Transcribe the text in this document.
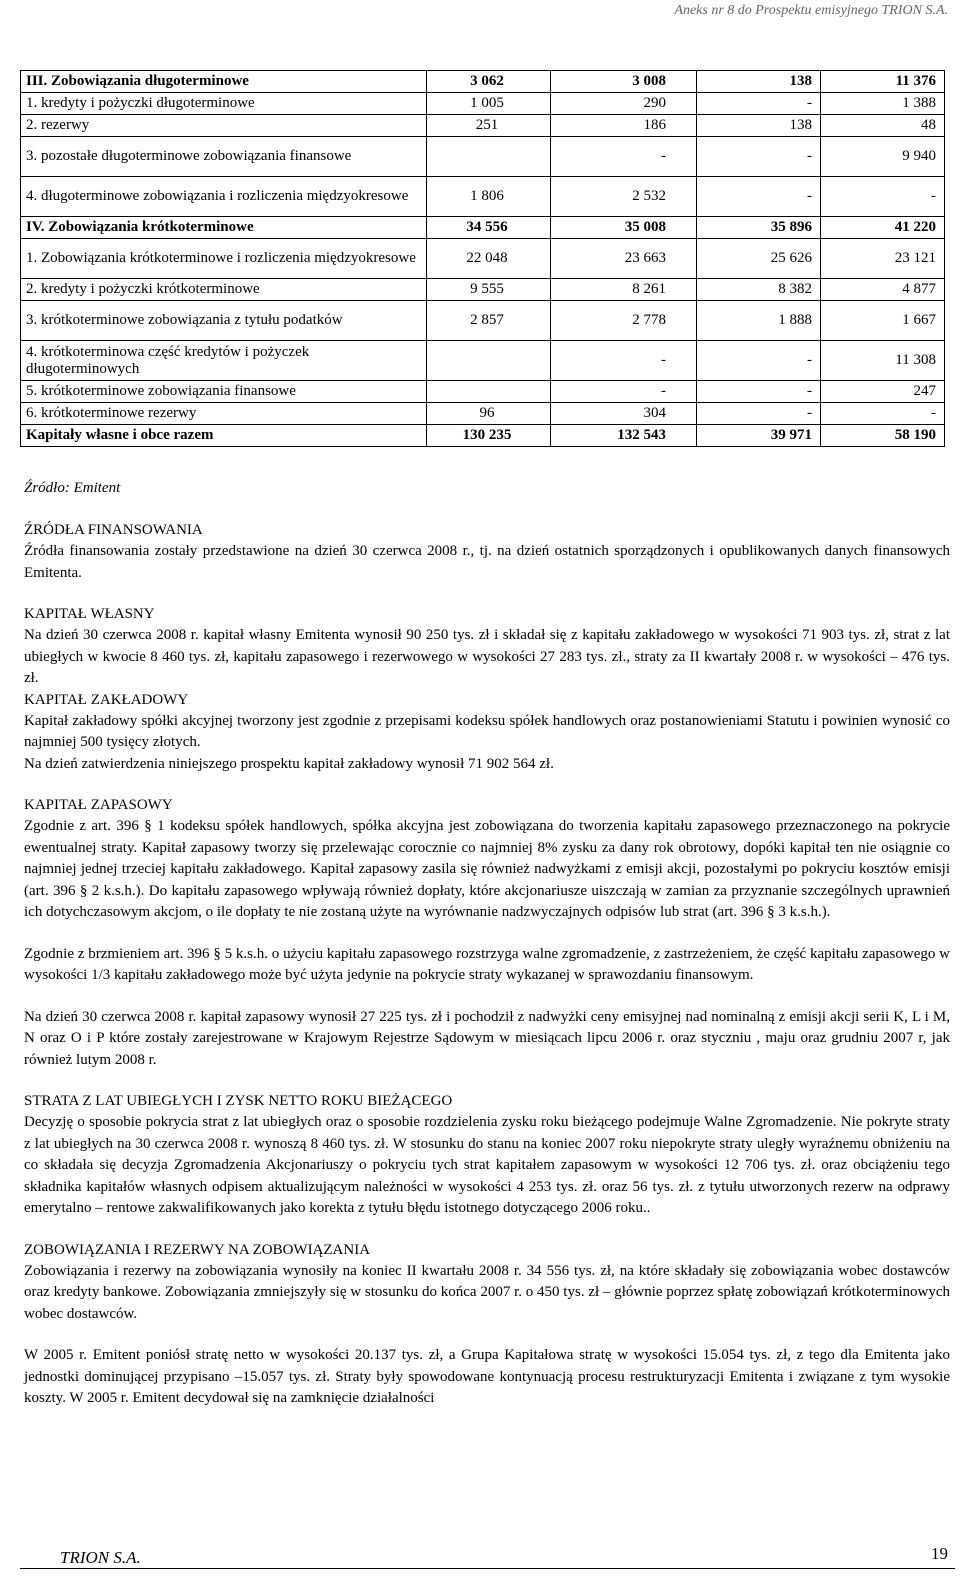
Aneks nr 8 do Prospektu emisyjnego TRION S.A.
III. Zobowiązania długoterminowe	3 062	3 008	138	11 376
1. kredyty i pożyczki długoterminowe	1 005	290	-	1 388
2. rezerwy	251	186	138	48
3. pozostałe długoterminowe zobowiązania finansowe		-	-	9 940
4. długoterminowe zobowiązania i rozliczenia międzyokresowe	1 806	2 532	-	-
IV. Zobowiązania krótkoterminowe	34 556	35 008	35 896	41 220
1. Zobowiązania krótkoterminowe i rozliczenia międzyokresowe	22 048	23 663	25 626	23 121
2. kredyty i pożyczki krótkoterminowe	9 555	8 261	8 382	4 877
3. krótkoterminowe zobowiązania z tytułu podatków	2 857	2 778	1 888	1 667
4. krótkoterminowa część kredytów i pożyczek długoterminowych		-	-	11 308
5. krótkoterminowe zobowiązania finansowe		-	-	247
6. krótkoterminowe rezerwy	96	304	-	-
Kapitały własne i obce razem	130 235	132 543	39 971	58 190
Źródło: Emitent
ŹRÓDŁA FINANSOWANIA

Źródła finansowania zostały przedstawione na dzień 30 czerwca 2008 r., tj. na dzień ostatnich sporządzonych i opublikowanych danych finansowych Emitenta.

KAPITAŁ WŁASNY

Na dzień 30 czerwca 2008 r. kapitał własny Emitenta wynosił 90 250 tys. zł i składał się z kapitału zakładowego w wysokości 71 903 tys. zł, strat z lat ubiegłych w kwocie 8 460 tys. zł, kapitału zapasowego i rezerwowego w wysokości 27 283 tys. zł., straty za II kwartały 2008 r. w wysokości – 476 tys. zł.

KAPITAŁ ZAKŁADOWY

Kapitał zakładowy spółki akcyjnej tworzony jest zgodnie z przepisami kodeksu spółek handlowych oraz postanowieniami Statutu i powinien wynosić co najmniej 500 tysięcy złotych.

Na dzień zatwierdzenia niniejszego prospektu kapitał zakładowy wynosił 71 902 564 zł.

KAPITAŁ ZAPASOWY

Zgodnie z art. 396 § 1 kodeksu spółek handlowych, spółka akcyjna jest zobowiązana do tworzenia kapitału zapasowego przeznaczonego na pokrycie ewentualnej straty. Kapitał zapasowy tworzy się przelewając corocznie co najmniej 8% zysku za dany rok obrotowy, dopóki kapitał ten nie osiągnie co najmniej jednej trzeciej kapitału zakładowego. Kapitał zapasowy zasila się również nadwyżkami z emisji akcji, pozostałymi po pokryciu kosztów emisji (art. 396 § 2 k.s.h.). Do kapitału zapasowego wpływają również dopłaty, które akcjonariusze uiszczają w zamian za przyznanie szczególnych uprawnień ich dotychczasowym akcjom, o ile dopłaty te nie zostaną użyte na wyrównanie nadzwyczajnych odpisów lub strat (art. 396 § 3 k.s.h.).

Zgodnie z brzmieniem art. 396 § 5 k.s.h. o użyciu kapitału zapasowego rozstrzyga walne zgromadzenie, z zastrzeżeniem, że część kapitału zapasowego w wysokości 1/3 kapitału zakładowego może być użyta jedynie na pokrycie straty wykazanej w sprawozdaniu finansowym.

Na dzień 30 czerwca 2008 r. kapitał zapasowy wynosił 27 225 tys. zł i pochodził z nadwyżki ceny emisyjnej nad nominalną z emisji akcji serii K, L i M, N oraz O i P które zostały zarejestrowane w Krajowym Rejestrze Sądowym w miesiącach lipcu 2006 r. oraz styczniu , maju oraz grudniu 2007 r, jak również lutym 2008 r.

STRATA Z LAT UBIEGŁYCH I ZYSK NETTO ROKU BIEŻĄCEGO

Decyzję o sposobie pokrycia strat z lat ubiegłych oraz o sposobie rozdzielenia zysku roku bieżącego podejmuje Walne Zgromadzenie. Nie pokryte straty z lat ubiegłych na 30 czerwca 2008 r. wynoszą 8 460 tys. zł. W stosunku do stanu na koniec 2007 roku niepokryte straty uległy wyraźnemu obniżeniu na co składała się decyzja Zgromadzenia Akcjonariuszy o pokryciu tych strat kapitałem zapasowym w wysokości 12 706 tys. zł. oraz obciążeniu tego składnika kapitałów własnych odpisem aktualizującym należności w wysokości 4 253 tys. zł. oraz 56 tys. zł. z tytułu utworzonych rezerw na odprawy emerytalno – rentowe zakwalifikowanych jako korekta z tytułu błędu istotnego dotyczącego 2006 roku..

ZOBOWIĄZANIA I REZERWY NA ZOBOWIĄZANIA

Zobowiązania i rezerwy na zobowiązania wynosiły na koniec II kwartału 2008 r. 34 556 tys. zł, na które składały się zobowiązania wobec dostawców oraz kredyty bankowe. Zobowiązania zmniejszyły się w stosunku do końca 2007 r. o 450 tys. zł – głównie poprzez spłatę zobowiązań krótkoterminowych wobec dostawców.

W 2005 r. Emitent poniósł stratę netto w wysokości 20.137 tys. zł, a Grupa Kapitałowa stratę w wysokości 15.054 tys. zł, z tego dla Emitenta jako jednostki dominującej przypisano –15.057 tys. zł. Straty były spowodowane kontynuacją procesu restrukturyzacji Emitenta i związane z tym wysokie koszty. W 2005 r. Emitent decydował się na zamknięcie działalności

TRION S.A.	19
